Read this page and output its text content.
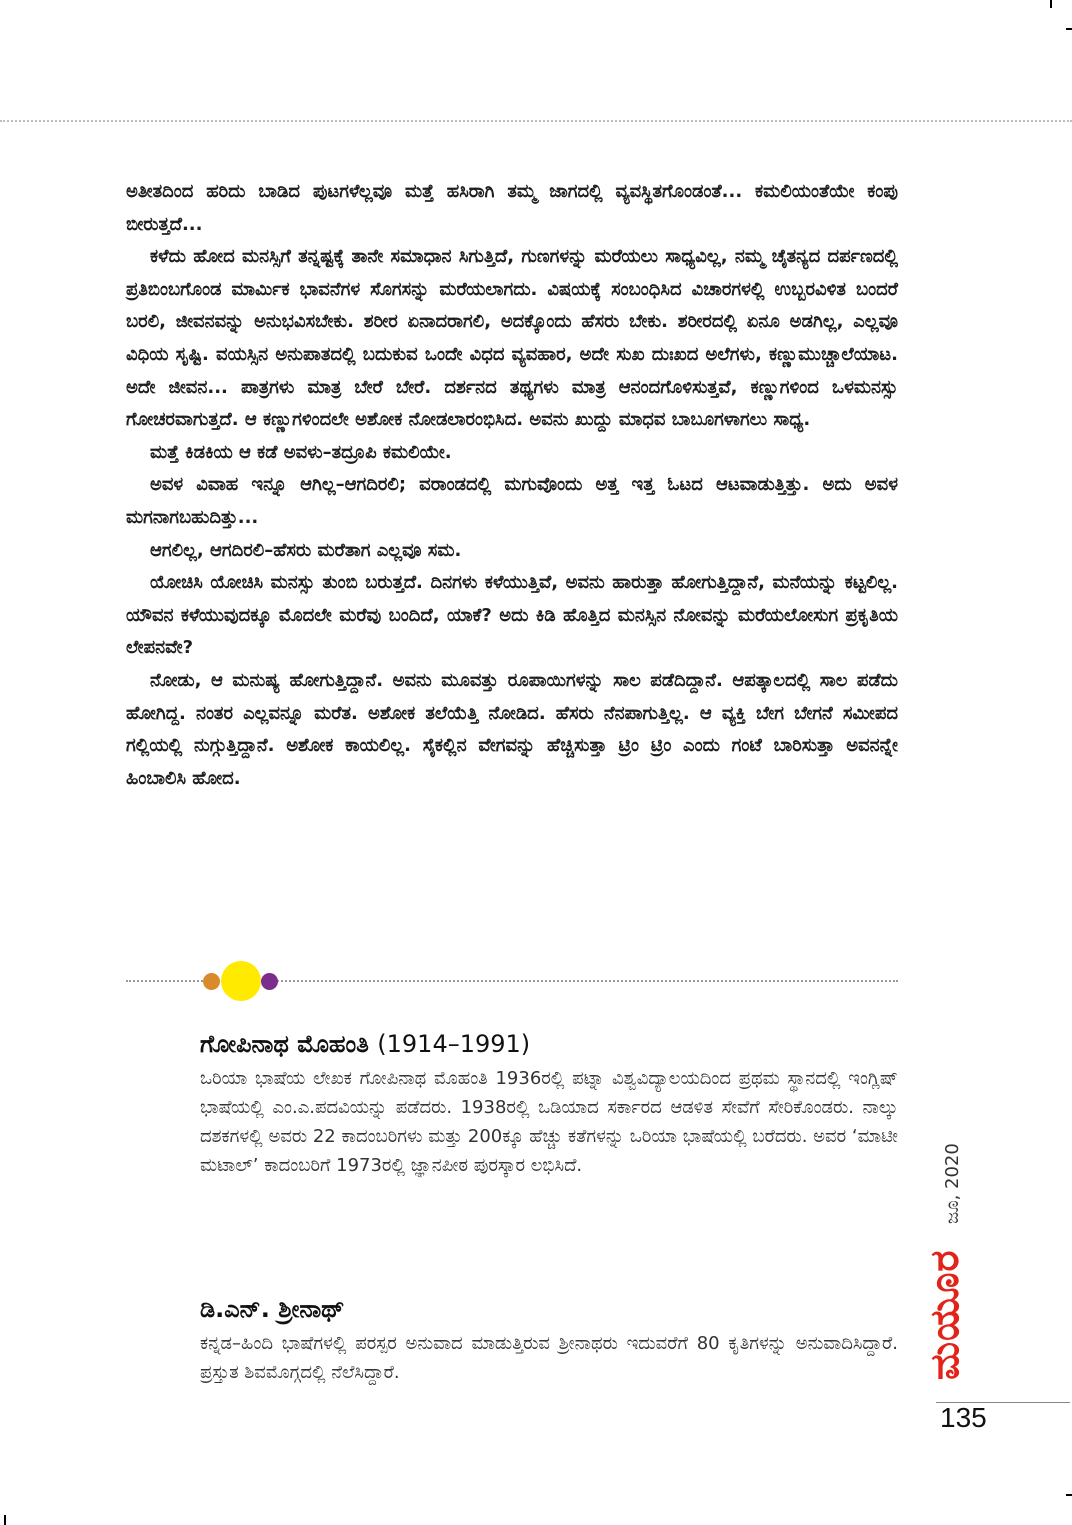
ಅತೀತದಿಂದ ಹರಿದು ಬಾಡಿದ ಪುಟಗಳೆಲ್ಲವೂ ಮತ್ತೆ ಹಸಿರಾಗಿ ತಮ್ಮ ಜಾಗದಲ್ಲಿ ವ್ಯವಸ್ಥಿತಗೊಂಡಂತೆ... ಕಮಲಿಯಂತೆಯೇ ಕಂಪು ಬೀರುತ್ತದೆ...

ಕಳೆದು ಹೋದ ಮನಸ್ಸಿಗೆ ತನ್ನಷ್ಟಕ್ಕೆ ತಾನೇ ಸಮಾಧಾನ ಸಿಗುತ್ತಿದೆ, ಗುಣಗಳನ್ನು ಮರೆಯಲು ಸಾಧ್ಯವಿಲ್ಲ, ನಮ್ಮ ಚೈತನ್ಯದ ದರ್ಪಣದಲ್ಲಿ ಪ್ರತಿಬಿಂಬಗೊಂಡ ಮಾರ್ಮಿಕ ಭಾವನೆಗಳ ಸೊಗಸನ್ನು ಮರೆಯಲಾಗದು. ವಿಷಯಕ್ಕೆ ಸಂಬಂಧಿಸಿದ ವಿಚಾರಗಳಲ್ಲಿ ಉಬ್ಬರವಿಳಿತ ಬಂದರೆ ಬರಲಿ, ಜೀವನವನ್ನು ಅನುಭವಿಸಬೇಕು. ಶರೀರ ಏನಾದರಾಗಲಿ, ಅದಕ್ಕೊಂದು ಹೆಸರು ಬೇಕು. ಶರೀರದಲ್ಲಿ ಏನೂ ಅಡಗಿಲ್ಲ, ಎಲ್ಲವೂ ವಿಧಿಯ ಸೃಷ್ಟಿ. ವಯಸ್ಸಿನ ಅನುಪಾತದಲ್ಲಿ ಬದುಕುವ ಒಂದೇ ವಿಧದ ವ್ಯವಹಾರ, ಅದೇ ಸುಖ ದುಃಖದ ಅಲೆಗಳು, ಕಣ್ಣುಮುಚ್ಚಾಲೆಯಾಟ. ಅದೇ ಜೀವನ... ಪಾತ್ರಗಳು ಮಾತ್ರ ಬೇರೆ ಬೇರೆ. ದರ್ಶನದ ತಥ್ಯಗಳು ಮಾತ್ರ ಆನಂದಗೊಳಿಸುತ್ತವೆ, ಕಣ್ಣುಗಳಿಂದ ಒಳಮನಸ್ಸು ಗೋಚರವಾಗುತ್ತದೆ. ಆ ಕಣ್ಣುಗಳಿಂದಲೇ ಅಶೋಕ ನೋಡಲಾರಂಭಿಸಿದ. ಅವನು ಖುದ್ದು ಮಾಧವ ಬಾಬೂಗಳಾಗಲು ಸಾಧ್ಯ.

ಮತ್ತೆ ಕಿಡಕಿಯ ಆ ಕಡೆ ಅವಳು–ತದ್ರೂಪಿ ಕಮಲಿಯೇ.

ಅವಳ ವಿವಾಹ ಇನ್ನೂ ಆಗಿಲ್ಲ–ಆಗದಿರಲಿ; ವರಾಂಡದಲ್ಲಿ ಮಗುವೊಂದು ಅತ್ತ ಇತ್ತ ಓಟದ ಆಟವಾಡುತ್ತಿತ್ತು. ಅದು ಅವಳ ಮಗನಾಗಬಹುದಿತ್ತು...

ಆಗಲಿಲ್ಲ, ಆಗದಿರಲಿ–ಹೆಸರು ಮರೆತಾಗ ಎಲ್ಲವೂ ಸಮ.

ಯೋಚಿಸಿ ಯೋಚಿಸಿ ಮನಸ್ಸು ತುಂಬಿ ಬರುತ್ತದೆ. ದಿನಗಳು ಕಳೆಯುತ್ತಿವೆ, ಅವನು ಹಾರುತ್ತಾ ಹೋಗುತ್ತಿದ್ದಾನೆ, ಮನೆಯನ್ನು ಕಟ್ಟಲಿಲ್ಲ. ಯೌವನ ಕಳೆಯುವುದಕ್ಕೂ ಮೊದಲೇ ಮರೆವು ಬಂದಿದೆ, ಯಾಕೆ? ಅದು ಕಿಡಿ ಹೊತ್ತಿದ ಮನಸ್ಸಿನ ನೋವನ್ನು ಮರೆಯಲೋಸುಗ ಪ್ರಕೃತಿಯ ಲೇಪನವೇ?

ನೋಡು, ಆ ಮನುಷ್ಯ ಹೋಗುತ್ತಿದ್ದಾನೆ. ಅವನು ಮೂವತ್ತು ರೂಪಾಯಿಗಳನ್ನು ಸಾಲ ಪಡೆದಿದ್ದಾನೆ. ಆಪತ್ಕಾಲದಲ್ಲಿ ಸಾಲ ಪಡೆದು ಹೋಗಿದ್ದ. ನಂತರ ಎಲ್ಲವನ್ನೂ ಮರೆತ. ಅಶೋಕ ತಲೆಯೆತ್ತಿ ನೋಡಿದ. ಹೆಸರು ನೆನಪಾಗುತ್ತಿಲ್ಲ. ಆ ವ್ಯಕ್ತಿ ಬೇಗ ಬೇಗನೆ ಸಮೀಪದ ಗಲ್ಲಿಯಲ್ಲಿ ನುಗ್ಗುತ್ತಿದ್ದಾನೆ. ಅಶೋಕ ಕಾಯಲಿಲ್ಲ. ಸೈಕಲ್ಲಿನ ವೇಗವನ್ನು ಹೆಚ್ಚಿಸುತ್ತಾ ಟ್ರಿಂ ಟ್ರಿಂ ಎಂದು ಗಂಟೆ ಬಾರಿಸುತ್ತಾ ಅವನನ್ನೇ ಹಿಂಬಾಲಿಸಿ ಹೋದ.

ಗೋಪಿನಾಥ ಮೊಹಂತಿ (1914–1991)

ಒರಿಯಾ ಭಾಷೆಯ ಲೇಖಕ ಗೋಪಿನಾಥ ಮೊಹಂತಿ 1936ರಲ್ಲಿ ಪಟ್ನಾ ವಿಶ್ವವಿದ್ಯಾಲಯದಿಂದ ಪ್ರಥಮ ಸ್ಥಾನದಲ್ಲಿ ಇಂಗ್ಲಿಷ್ ಭಾಷೆಯಲ್ಲಿ ಎಂ.ಎ.ಪದವಿಯನ್ನು ಪಡೆದರು. 1938ರಲ್ಲಿ ಒಡಿಯಾದ ಸರ್ಕಾರದ ಆಡಳಿತ ಸೇವೆಗೆ ಸೇರಿಕೊಂಡರು. ನಾಲ್ಕು ದಶಕಗಳಲ್ಲಿ ಅವರು 22 ಕಾದಂಬರಿಗಳು ಮತ್ತು 200ಕ್ಕೂ ಹೆಚ್ಚು ಕತೆಗಳನ್ನು ಒರಿಯಾ ಭಾಷೆಯಲ್ಲಿ ಬರೆದರು. ಅವರ ‘ಮಾಟೀ ಮಟಾಲ್’ ಕಾದಂಬರಿಗೆ 1973ರಲ್ಲಿ ಜ್ಞಾನಪೀಠ ಪುರಸ್ಕಾರ ಲಭಿಸಿದೆ.

ಡಿ.ಎನ್. ಶ್ರೀನಾಥ್

ಕನ್ನಡ–ಹಿಂದಿ ಭಾಷೆಗಳಲ್ಲಿ ಪರಸ್ಪರ ಅನುವಾದ ಮಾಡುತ್ತಿರುವ ಶ್ರೀನಾಥರು ಇದುವರೆಗೆ 80 ಕೃತಿಗಳನ್ನು ಅನುವಾದಿಸಿದ್ದಾರೆ. ಪ್ರಸ್ತುತ ಶಿವಮೊಗ್ಗದಲ್ಲಿ ನೆಲೆಸಿದ್ದಾರೆ.

ಜೂ, 2020
ಮಯೂರ
135
